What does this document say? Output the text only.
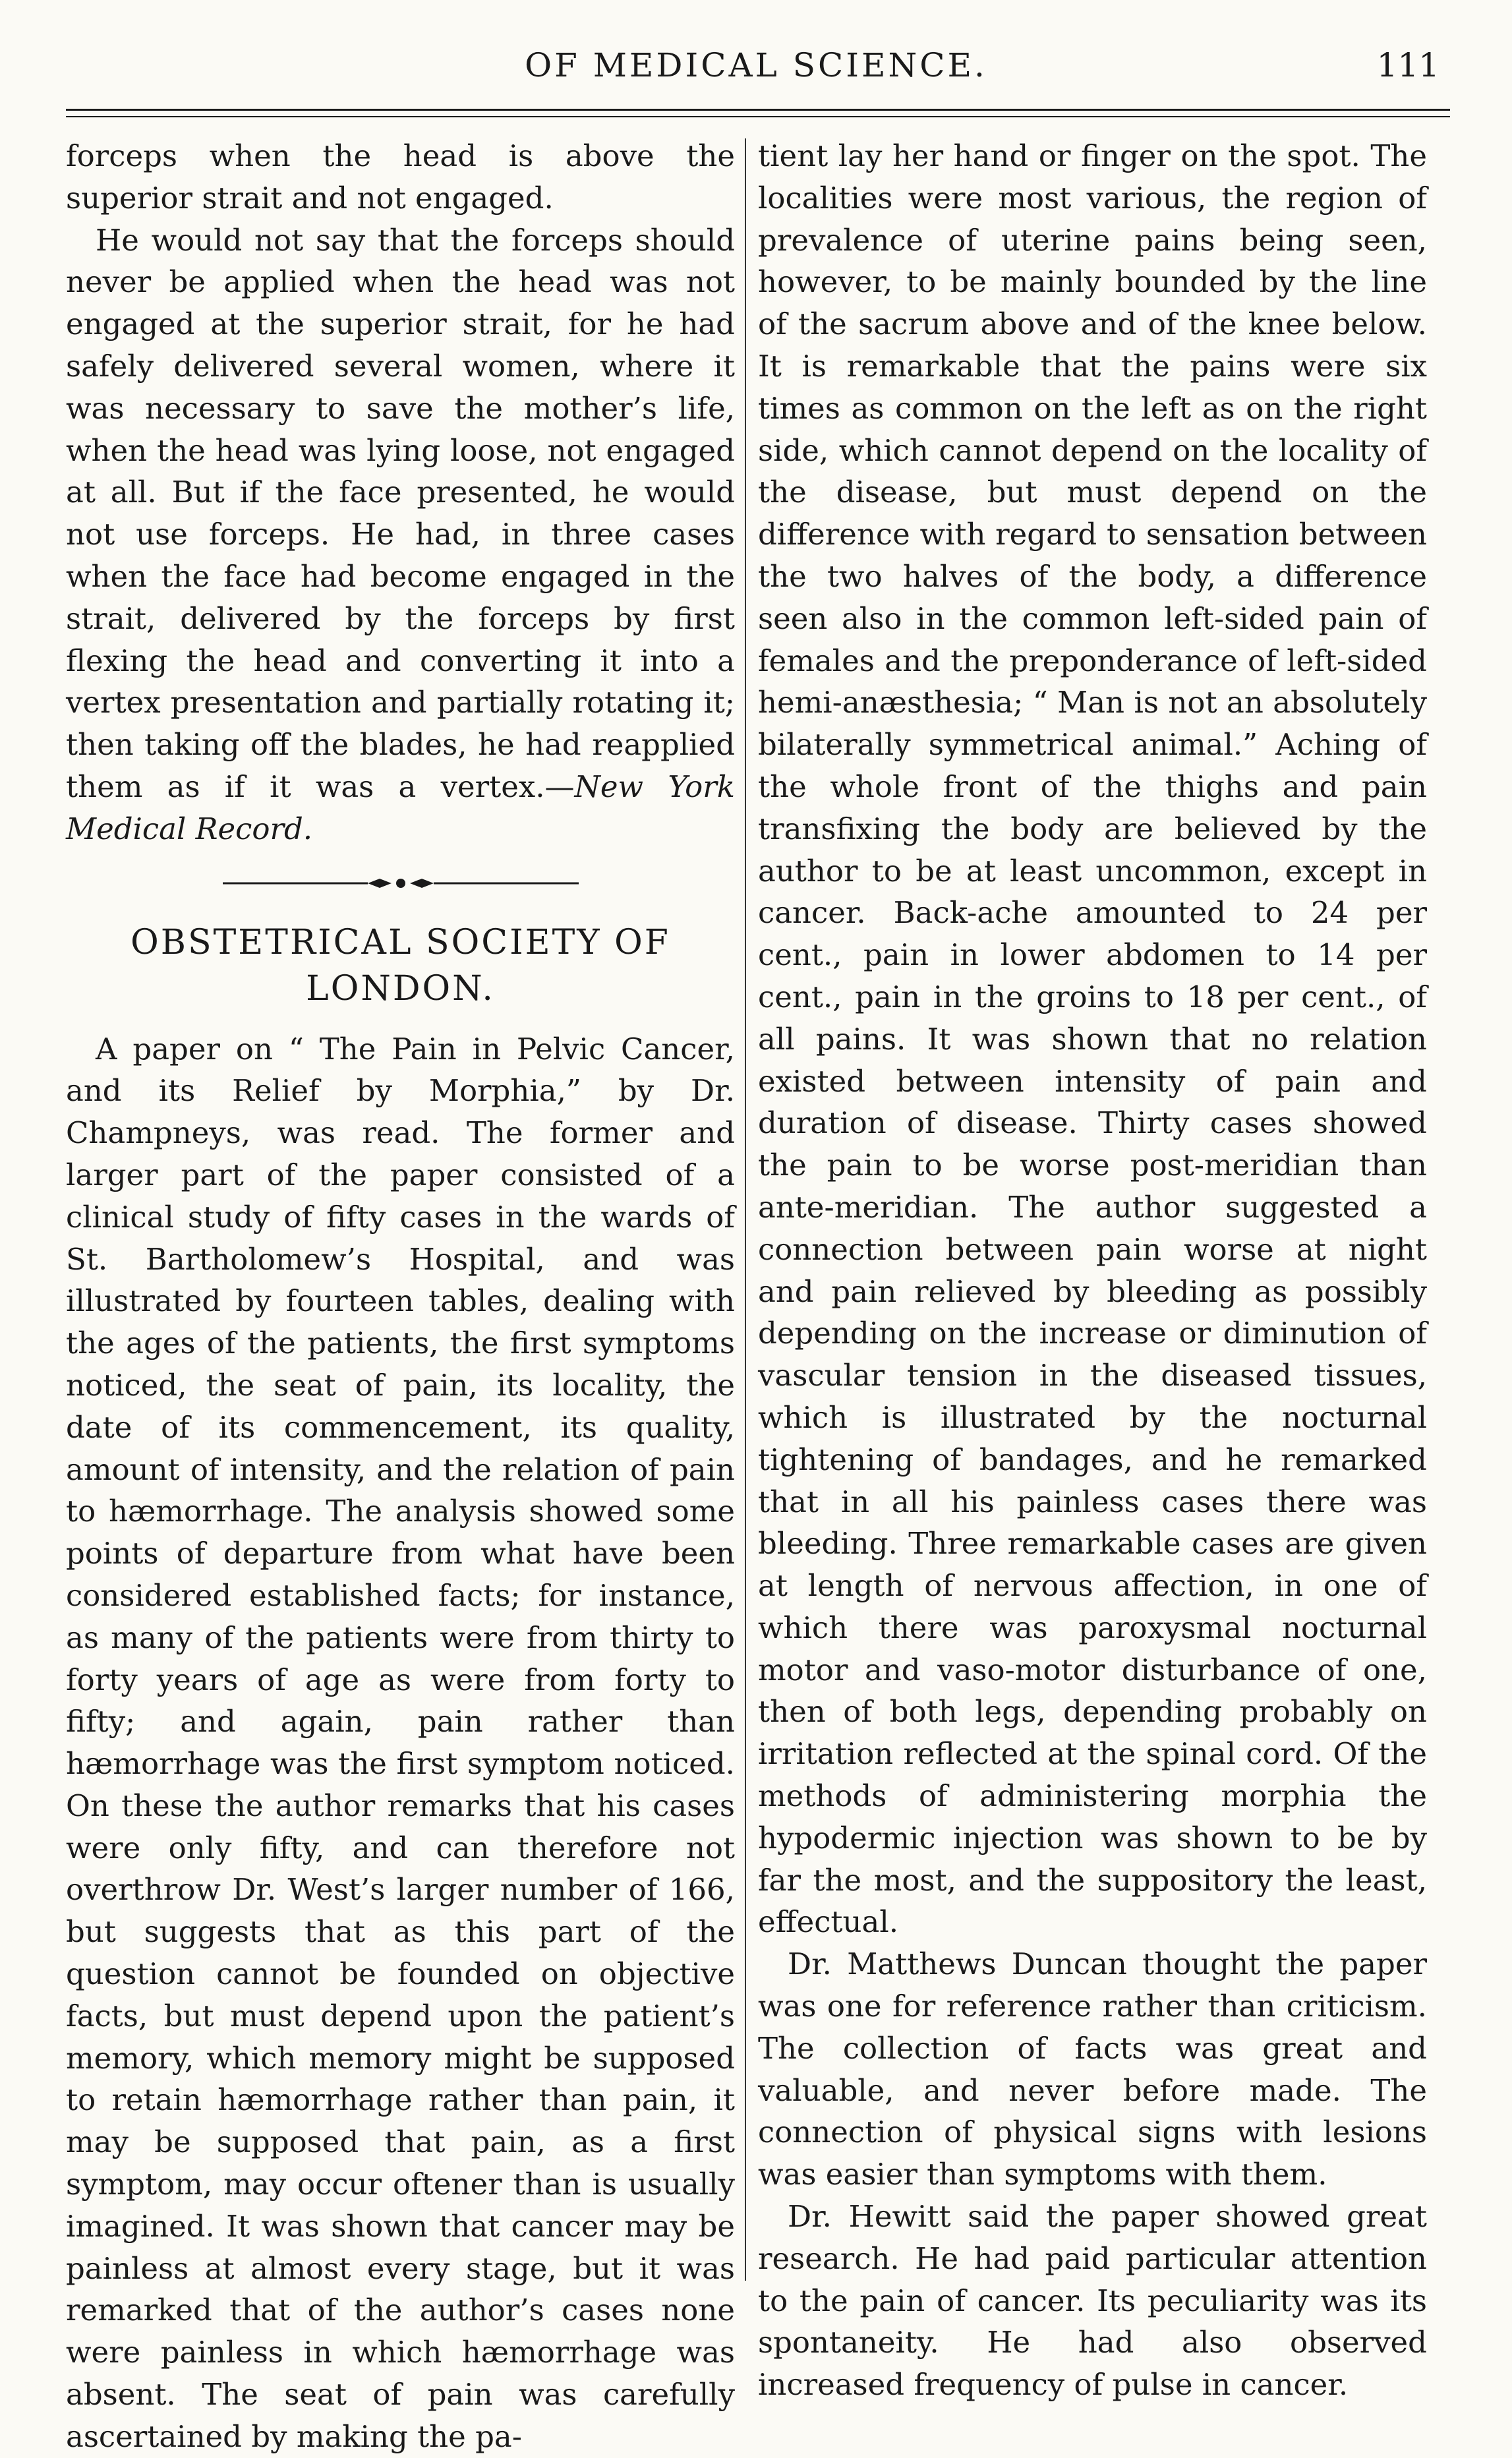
OF MEDICAL SCIENCE.	111

forceps when the head is above the superior strait and not engaged.

He would not say that the forceps should never be applied when the head was not engaged at the superior strait, for he had safely delivered several women, where it was necessary to save the mother’s life, when the head was lying loose, not engaged at all. But if the face presented, he would not use forceps. He had, in three cases when the face had become engaged in the strait, delivered by the forceps by first flexing the head and converting it into a vertex presentation and partially rotating it; then taking off the blades, he had reapplied them as if it was a vertex.—New York Medical Record.

OBSTETRICAL SOCIETY OF LONDON.

A paper on “ The Pain in Pelvic Cancer, and its Relief by Morphia,” by Dr. Champneys, was read. The former and larger part of the paper consisted of a clinical study of fifty cases in the wards of St. Bartholomew’s Hospital, and was illustrated by fourteen tables, dealing with the ages of the patients, the first symptoms noticed, the seat of pain, its locality, the date of its commencement, its quality, amount of intensity, and the relation of pain to hæmorrhage. The analysis showed some points of departure from what have been considered established facts; for instance, as many of the patients were from thirty to forty years of age as were from forty to fifty; and again, pain rather than hæmorrhage was the first symptom noticed. On these the author remarks that his cases were only fifty, and can therefore not overthrow Dr. West’s larger number of 166, but suggests that as this part of the question cannot be founded on objective facts, but must depend upon the patient’s memory, which memory might be supposed to retain hæmorrhage rather than pain, it may be supposed that pain, as a first symptom, may occur oftener than is usually imagined. It was shown that cancer may be painless at almost every stage, but it was remarked that of the author’s cases none were painless in which hæmorrhage was absent. The seat of pain was carefully ascertained by making the pa-

tient lay her hand or finger on the spot. The localities were most various, the region of prevalence of uterine pains being seen, however, to be mainly bounded by the line of the sacrum above and of the knee below. It is remarkable that the pains were six times as common on the left as on the right side, which cannot depend on the locality of the disease, but must depend on the difference with regard to sensation between the two halves of the body, a difference seen also in the common left-sided pain of females and the preponderance of left-sided hemi-anæsthesia; “ Man is not an absolutely bilaterally symmetrical animal.” Aching of the whole front of the thighs and pain transfixing the body are believed by the author to be at least uncommon, except in cancer. Back-ache amounted to 24 per cent., pain in lower abdomen to 14 per cent., pain in the groins to 18 per cent., of all pains. It was shown that no relation existed between intensity of pain and duration of disease. Thirty cases showed the pain to be worse post-meridian than ante-meridian. The author suggested a connection between pain worse at night and pain relieved by bleeding as possibly depending on the increase or diminution of vascular tension in the diseased tissues, which is illustrated by the nocturnal tightening of bandages, and he remarked that in all his painless cases there was bleeding. Three remarkable cases are given at length of nervous affection, in one of which there was paroxysmal nocturnal motor and vaso-motor disturbance of one, then of both legs, depending probably on irritation reflected at the spinal cord. Of the methods of administering morphia the hypodermic injection was shown to be by far the most, and the suppository the least, effectual.

Dr. Matthews Duncan thought the paper was one for reference rather than criticism. The collection of facts was great and valuable, and never before made. The connection of physical signs with lesions was easier than symptoms with them.

Dr. Hewitt said the paper showed great research. He had paid particular attention to the pain of cancer. Its peculiarity was its spontaneity. He had also observed increased frequency of pulse in cancer.
